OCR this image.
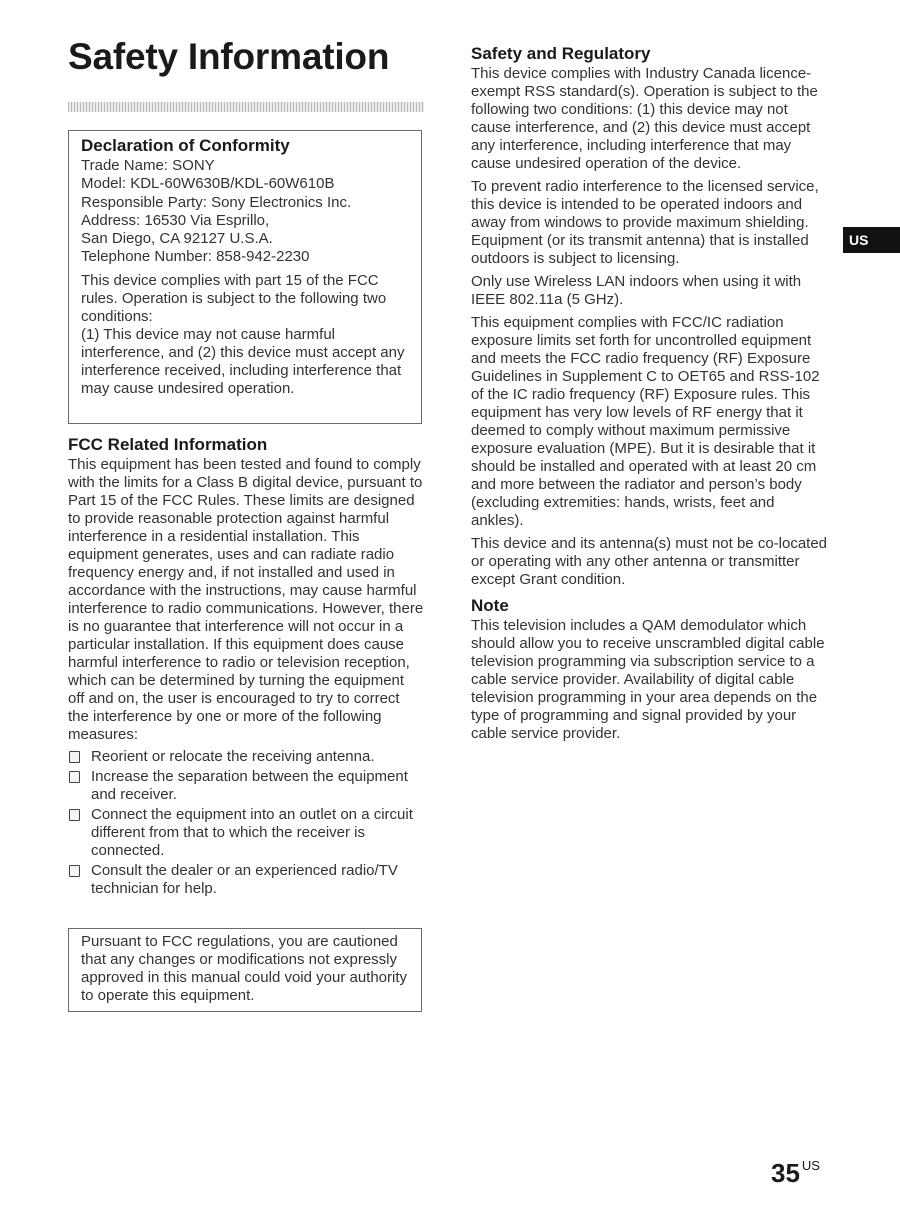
Safety Information
Declaration of Conformity
Trade Name: SONY
Model: KDL-60W630B/KDL-60W610B
Responsible Party: Sony Electronics Inc.
Address: 16530 Via Esprillo,
San Diego, CA 92127 U.S.A.
Telephone Number: 858-942-2230

This device complies with part 15 of the FCC rules. Operation is subject to the following two conditions:

(1) This device may not cause harmful interference, and (2) this device must accept any interference received, including interference that may cause undesired operation.

FCC Related Information

This equipment has been tested and found to comply with the limits for a Class B digital device, pursuant to Part 15 of the FCC Rules. These limits are designed to provide reasonable protection against harmful interference in a residential installation. This equipment generates, uses and can radiate radio frequency energy and, if not installed and used in accordance with the instructions, may cause harmful interference to radio communications. However, there is no guarantee that interference will not occur in a particular installation. If this equipment does cause harmful interference to radio or television reception, which can be determined by turning the equipment off and on, the user is encouraged to try to correct the interference by one or more of the following measures:

Reorient or relocate the receiving antenna.
Increase the separation between the equipment and receiver.
Connect the equipment into an outlet on a circuit different from that to which the receiver is connected.
Consult the dealer or an experienced radio/TV technician for help.

Pursuant to FCC regulations, you are cautioned that any changes or modifications not expressly approved in this manual could void your authority to operate this equipment.

Safety and Regulatory

This device complies with Industry Canada licence-exempt RSS standard(s). Operation is subject to the following two conditions: (1) this device may not cause interference, and (2) this device must accept any interference, including interference that may cause undesired operation of the device.

To prevent radio interference to the licensed service, this device is intended to be operated indoors and away from windows to provide maximum shielding. Equipment (or its transmit antenna) that is installed outdoors is subject to licensing.

Only use Wireless LAN indoors when using it with IEEE 802.11a (5 GHz).

This equipment complies with FCC/IC radiation exposure limits set forth for uncontrolled equipment and meets the FCC radio frequency (RF) Exposure Guidelines in Supplement C to OET65 and RSS-102 of the IC radio frequency (RF) Exposure rules. This equipment has very low levels of RF energy that it deemed to comply without maximum permissive exposure evaluation (MPE). But it is desirable that it should be installed and operated with at least 20 cm and more between the radiator and person’s body (excluding extremities: hands, wrists, feet and ankles).

This device and its antenna(s) must not be co-located or operating with any other antenna or transmitter except Grant condition.

Note

This television includes a QAM demodulator which should allow you to receive unscrambled digital cable television programming via subscription service to a cable service provider. Availability of digital cable television programming in your area depends on the type of programming and signal provided by your cable service provider.

US
35 $^{US}$
